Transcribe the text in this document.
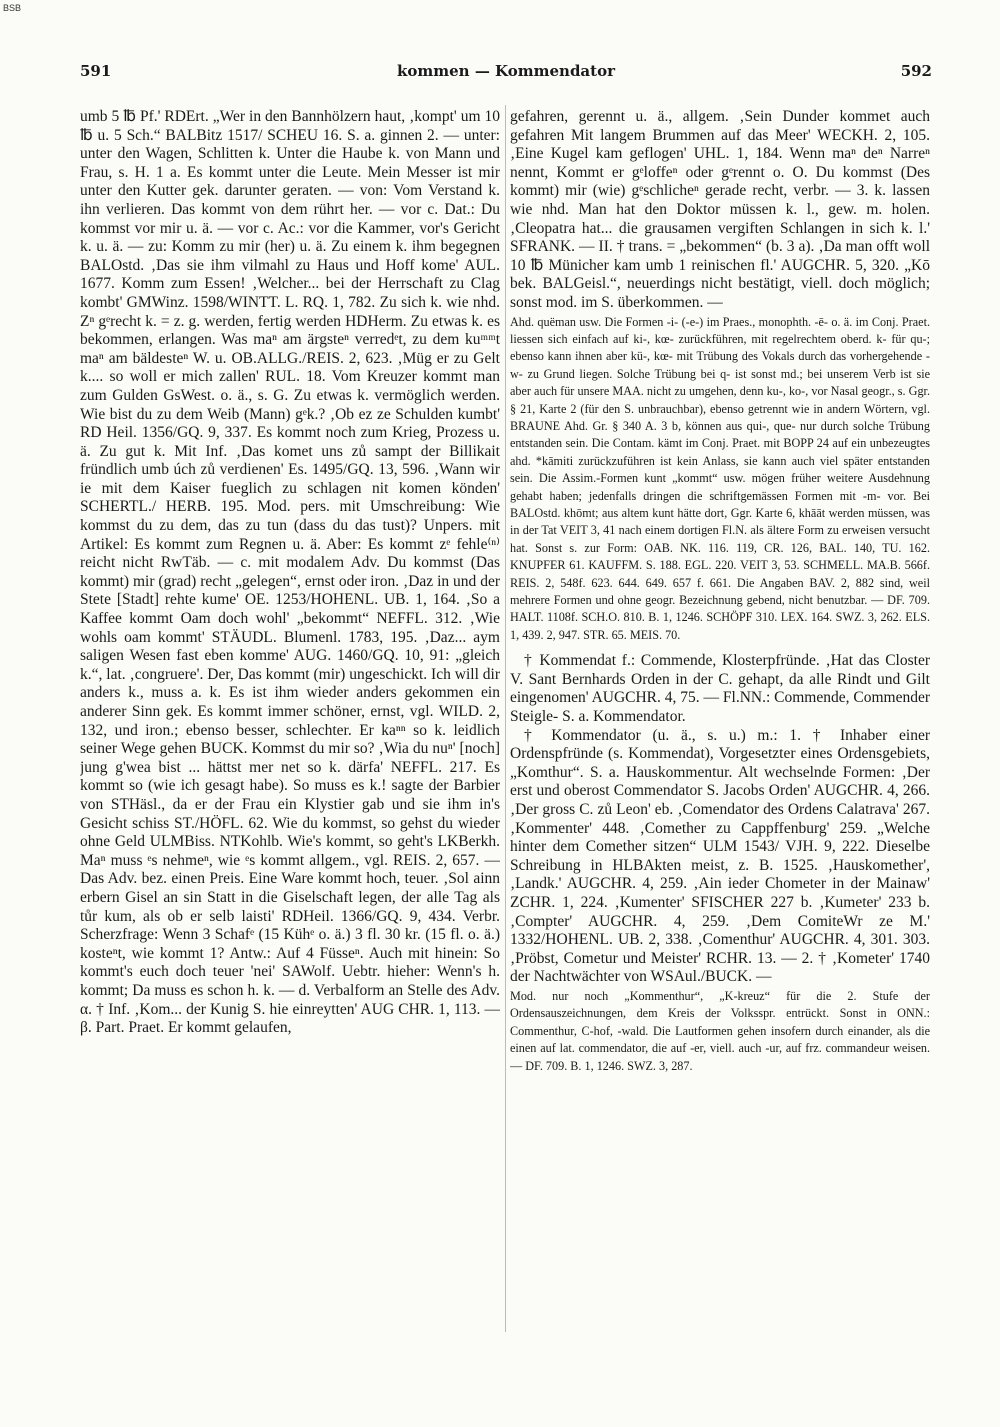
BSB
591	kommen — Kommendator	592

umb 5 ℔ Pf.' RDErt. „Wer in den Bannhölzern haut, ‚kompt' um 10 ℔ u. 5 Sch.“ BALBitz 1517/ SCHEU 16. S. a. ginnen 2. — unter: unter den Wagen, Schlitten k. Unter die Haube k. von Mann und Frau, s. H. 1 a. Es kommt unter die Leute. Mein Messer ist mir unter den Kutter gek. darunter geraten. — von: Vom Verstand k. ihn verlieren. Das kommt von dem rührt her. — vor c. Dat.: Du kommst vor mir u. ä. — vor c. Ac.: vor die Kammer, vor's Gericht k. u. ä. — zu: Komm zu mir (her) u. ä. Zu einem k. ihm begegnen BALOstd. ‚Das sie ihm vilmahl zu Haus und Hoff kome' AUL. 1677. Komm zum Essen! ‚Welcher... bei der Herrschaft zu Clag kombt' GMWinz. 1598/WINTT. L. RQ. 1, 782. Zu sich k. wie nhd. Zⁿ gᵉrecht k. = z. g. werden, fertig werden HDHerm. Zu etwas k. es bekommen, erlangen. Was maⁿ am ärgsteⁿ verredᵉt, zu dem kuᵐᵐt maⁿ am bäldesteⁿ W. u. OB.ALLG./REIS. 2, 623. ‚Müg er zu Gelt k.... so woll er mich zallen' RUL. 18. Vom Kreuzer kommt man zum Gulden GsWest. o. ä., s. G. Zu etwas k. vermöglich werden. Wie bist du zu dem Weib (Mann) gᵉk.? ‚Ob ez ze Schulden kumbt' RD Heil. 1356/GQ. 9, 337. Es kommt noch zum Krieg, Prozess u. ä. Zu gut k. Mit Inf. ‚Das komet uns zů sampt der Billikait fründlich umb úch zů verdienen' Es. 1495/GQ. 13, 596. ‚Wann wir ie mit dem Kaiser fueglich zu schlagen nit komen könden' SCHERTL./ HERB. 195. Mod. pers. mit Umschreibung: Wie kommst du zu dem, das zu tun (dass du das tust)? Unpers. mit Artikel: Es kommt zum Regnen u. ä. Aber: Es kommt zᵉ fehle⁽ⁿ⁾ reicht nicht RwTäb. — c. mit modalem Adv. Du kommst (Das kommt) mir (grad) recht „gelegen“, ernst oder iron. ‚Daz in und der Stete [Stadt] rehte kume' OE. 1253/HOHENL. UB. 1, 164. ‚So a Kaffee kommt Oam doch wohl' „bekommt“ NEFFL. 312. ‚Wie wohls oam kommt' STÄUDL. Blumenl. 1783, 195. ‚Daz... aym saligen Wesen fast eben komme' AUG. 1460/GQ. 10, 91: „gleich k.“, lat. ‚congruere'. Der, Das kommt (mir) ungeschickt. Ich will dir anders k., muss a. k. Es ist ihm wieder anders gekommen ein anderer Sinn gek. Es kommt immer schöner, ernst, vgl. WILD. 2, 132, und iron.; ebenso besser, schlechter. Er kaⁿⁿ so k. leidlich seiner Wege gehen BUCK. Kommst du mir so? ‚Wia du nuⁿ' [noch] jung g'wea bist ... hättst mer net so k. därfa' NEFFL. 217. Es kommt so (wie ich gesagt habe). So muss es k.! sagte der Barbier von STHäsl., da er der Frau ein Klystier gab und sie ihm in's Gesicht schiss ST./HÖFL. 62. Wie du kommst, so gehst du wieder ohne Geld ULMBiss. NTKohlb. Wie's kommt, so geht's LKBerkh. Maⁿ muss ᵉs nehmeⁿ, wie ᵉs kommt allgem., vgl. REIS. 2, 657. — Das Adv. bez. einen Preis. Eine Ware kommt hoch, teuer. ‚Sol ainn erbern Gisel an sin Statt in die Giselschaft legen, der alle Tag als tůr kum, als ob er selb laisti' RDHeil. 1366/GQ. 9, 434. Verbr. Scherzfrage: Wenn 3 Schafᵉ (15 Kühᵉ o. ä.) 3 fl. 30 kr. (15 fl. o. ä.) kosteⁿt, wie kommt 1? Antw.: Auf 4 Füsseⁿ. Auch mit hinein: So kommt's euch doch teuer 'nei' SAWolf. Uebtr. hieher: Wenn's h. kommt; Da muss es schon h. k. — d. Verbalform an Stelle des Adv. α. † Inf. ‚Kom... der Kunig S. hie einreytten' AUG CHR. 1, 113. — β. Part. Praet. Er kommt gelaufen,

gefahren, gerennt u. ä., allgem. ‚Sein Dunder kommet auch gefahren Mit langem Brummen auf das Meer' WECKH. 2, 105. ‚Eine Kugel kam geflogen' UHL. 1, 184. Wenn maⁿ deⁿ Narreⁿ nennt, Kommt er gᵉloffeⁿ oder gᵉrennt o. O. Du kommst (Des kommt) mir (wie) gᵉschlicheⁿ gerade recht, verbr. — 3. k. lassen wie nhd. Man hat den Doktor müssen k. l., gew. m. holen. ‚Cleopatra hat... die grausamen vergiften Schlangen in sich k. l.' SFRANK. — II. † trans. = „bekommen“ (b. 3 a). ‚Da man offt woll 10 ℔ Münicher kam umb 1 reinischen fl.' AUGCHR. 5, 320. „Kō bek. BALGeisl.“, neuerdings nicht bestätigt, viell. doch möglich; sonst mod. im S. überkommen. —

Ahd. quëman usw. Die Formen -i- (-e-) im Praes., monophth. -ē- o. ä. im Conj. Praet. liessen sich einfach auf ki-, kœ- zurückführen, mit regelrechtem oberd. k- für qu-; ebenso kann ihnen aber kü-, kœ- mit Trübung des Vokals durch das vorhergehende -w- zu Grund liegen. Solche Trübung bei q- ist sonst md.; bei unserem Verb ist sie aber auch für unsere MAA. nicht zu umgehen, denn ku-, ko-, vor Nasal geogr., s. Ggr. § 21, Karte 2 (für den S. unbrauchbar), ebenso getrennt wie in andern Wörtern, vgl. BRAUNE Ahd. Gr. § 340 A. 3 b, können aus qui-, que- nur durch solche Trübung entstanden sein. Die Contam. kämt im Conj. Praet. mit BOPP 24 auf ein unbezeugtes ahd. *kāmiti zurückzuführen ist kein Anlass, sie kann auch viel später entstanden sein. Die Assim.-Formen kunt „kommt“ usw. mögen früher weitere Ausdehnung gehabt haben; jedenfalls dringen die schriftgemässen Formen mit -m- vor. Bei BALOstd. khōmt; aus altem kunt hätte dort, Ggr. Karte 6, khāāt werden müssen, was in der Tat VEIT 3, 41 nach einem dortigen Fl.N. als ältere Form zu erweisen versucht hat. Sonst s. zur Form: OAB. NK. 116. 119, CR. 126, BAL. 140, TU. 162. KNUPFER 61. KAUFFM. S. 188. EGL. 220. VEIT 3, 53. SCHMELL. MA.B. 566f. REIS. 2, 548f. 623. 644. 649. 657 f. 661. Die Angaben BAV. 2, 882 sind, weil mehrere Formen und ohne geogr. Bezeichnung gebend, nicht benutzbar. — DF. 709. HALT. 1108f. SCH.O. 810. B. 1, 1246. SCHÖPF 310. LEX. 164. SWZ. 3, 262. ELS. 1, 439. 2, 947. STR. 65. MEIS. 70.

† Kommendat f.: Commende, Klosterpfründe. ‚Hat das Closter V. Sant Bernhards Orden in der C. gehapt, da alle Rindt und Gilt eingenomen' AUGCHR. 4, 75. — Fl.NN.: Commende, Commender Steigle- S. a. Kommendator.

† Kommendator (u. ä., s. u.) m.: 1. † Inhaber einer Ordenspfründe (s. Kommendat), Vorgesetzter eines Ordensgebiets, „Komthur“. S. a. Hauskommentur. Alt wechselnde Formen: ‚Der erst und oberost Commendator S. Jacobs Orden' AUGCHR. 4, 266. ‚Der gross C. zů Leon' eb. ‚Comendator des Ordens Calatrava' 267. ‚Kommenter' 448. ‚Comether zu Cappffenburg' 259. „Welche hinter dem Comether sitzen“ ULM 1543/ VJH. 9, 222. Dieselbe Schreibung in HLBAkten meist, z. B. 1525. ‚Hauskomether', ‚Landk.' AUGCHR. 4, 259. ‚Ain ieder Chometer in der Mainaw' ZCHR. 1, 224. ‚Kumenter' SFISCHER 227 b. ‚Kumeter' 233 b. ‚Compter' AUGCHR. 4, 259. ‚Dem ComiteWr ze M.' 1332/HOHENL. UB. 2, 338. ‚Comenthur' AUGCHR. 4, 301. 303. ‚Pröbst, Cometur und Meister' RCHR. 13. — 2. † ‚Kometer' 1740 der Nachtwächter von WSAul./BUCK. —

Mod. nur noch „Kommenthur“, „K-kreuz“ für die 2. Stufe der Ordensauszeichnungen, dem Kreis der Volksspr. entrückt. Sonst in ONN.: Commenthur, C-hof, -wald. Die Lautformen gehen insofern durch einander, als die einen auf lat. commendator, die auf -er, viell. auch -ur, auf frz. commandeur weisen. — DF. 709. B. 1, 1246. SWZ. 3, 287.
